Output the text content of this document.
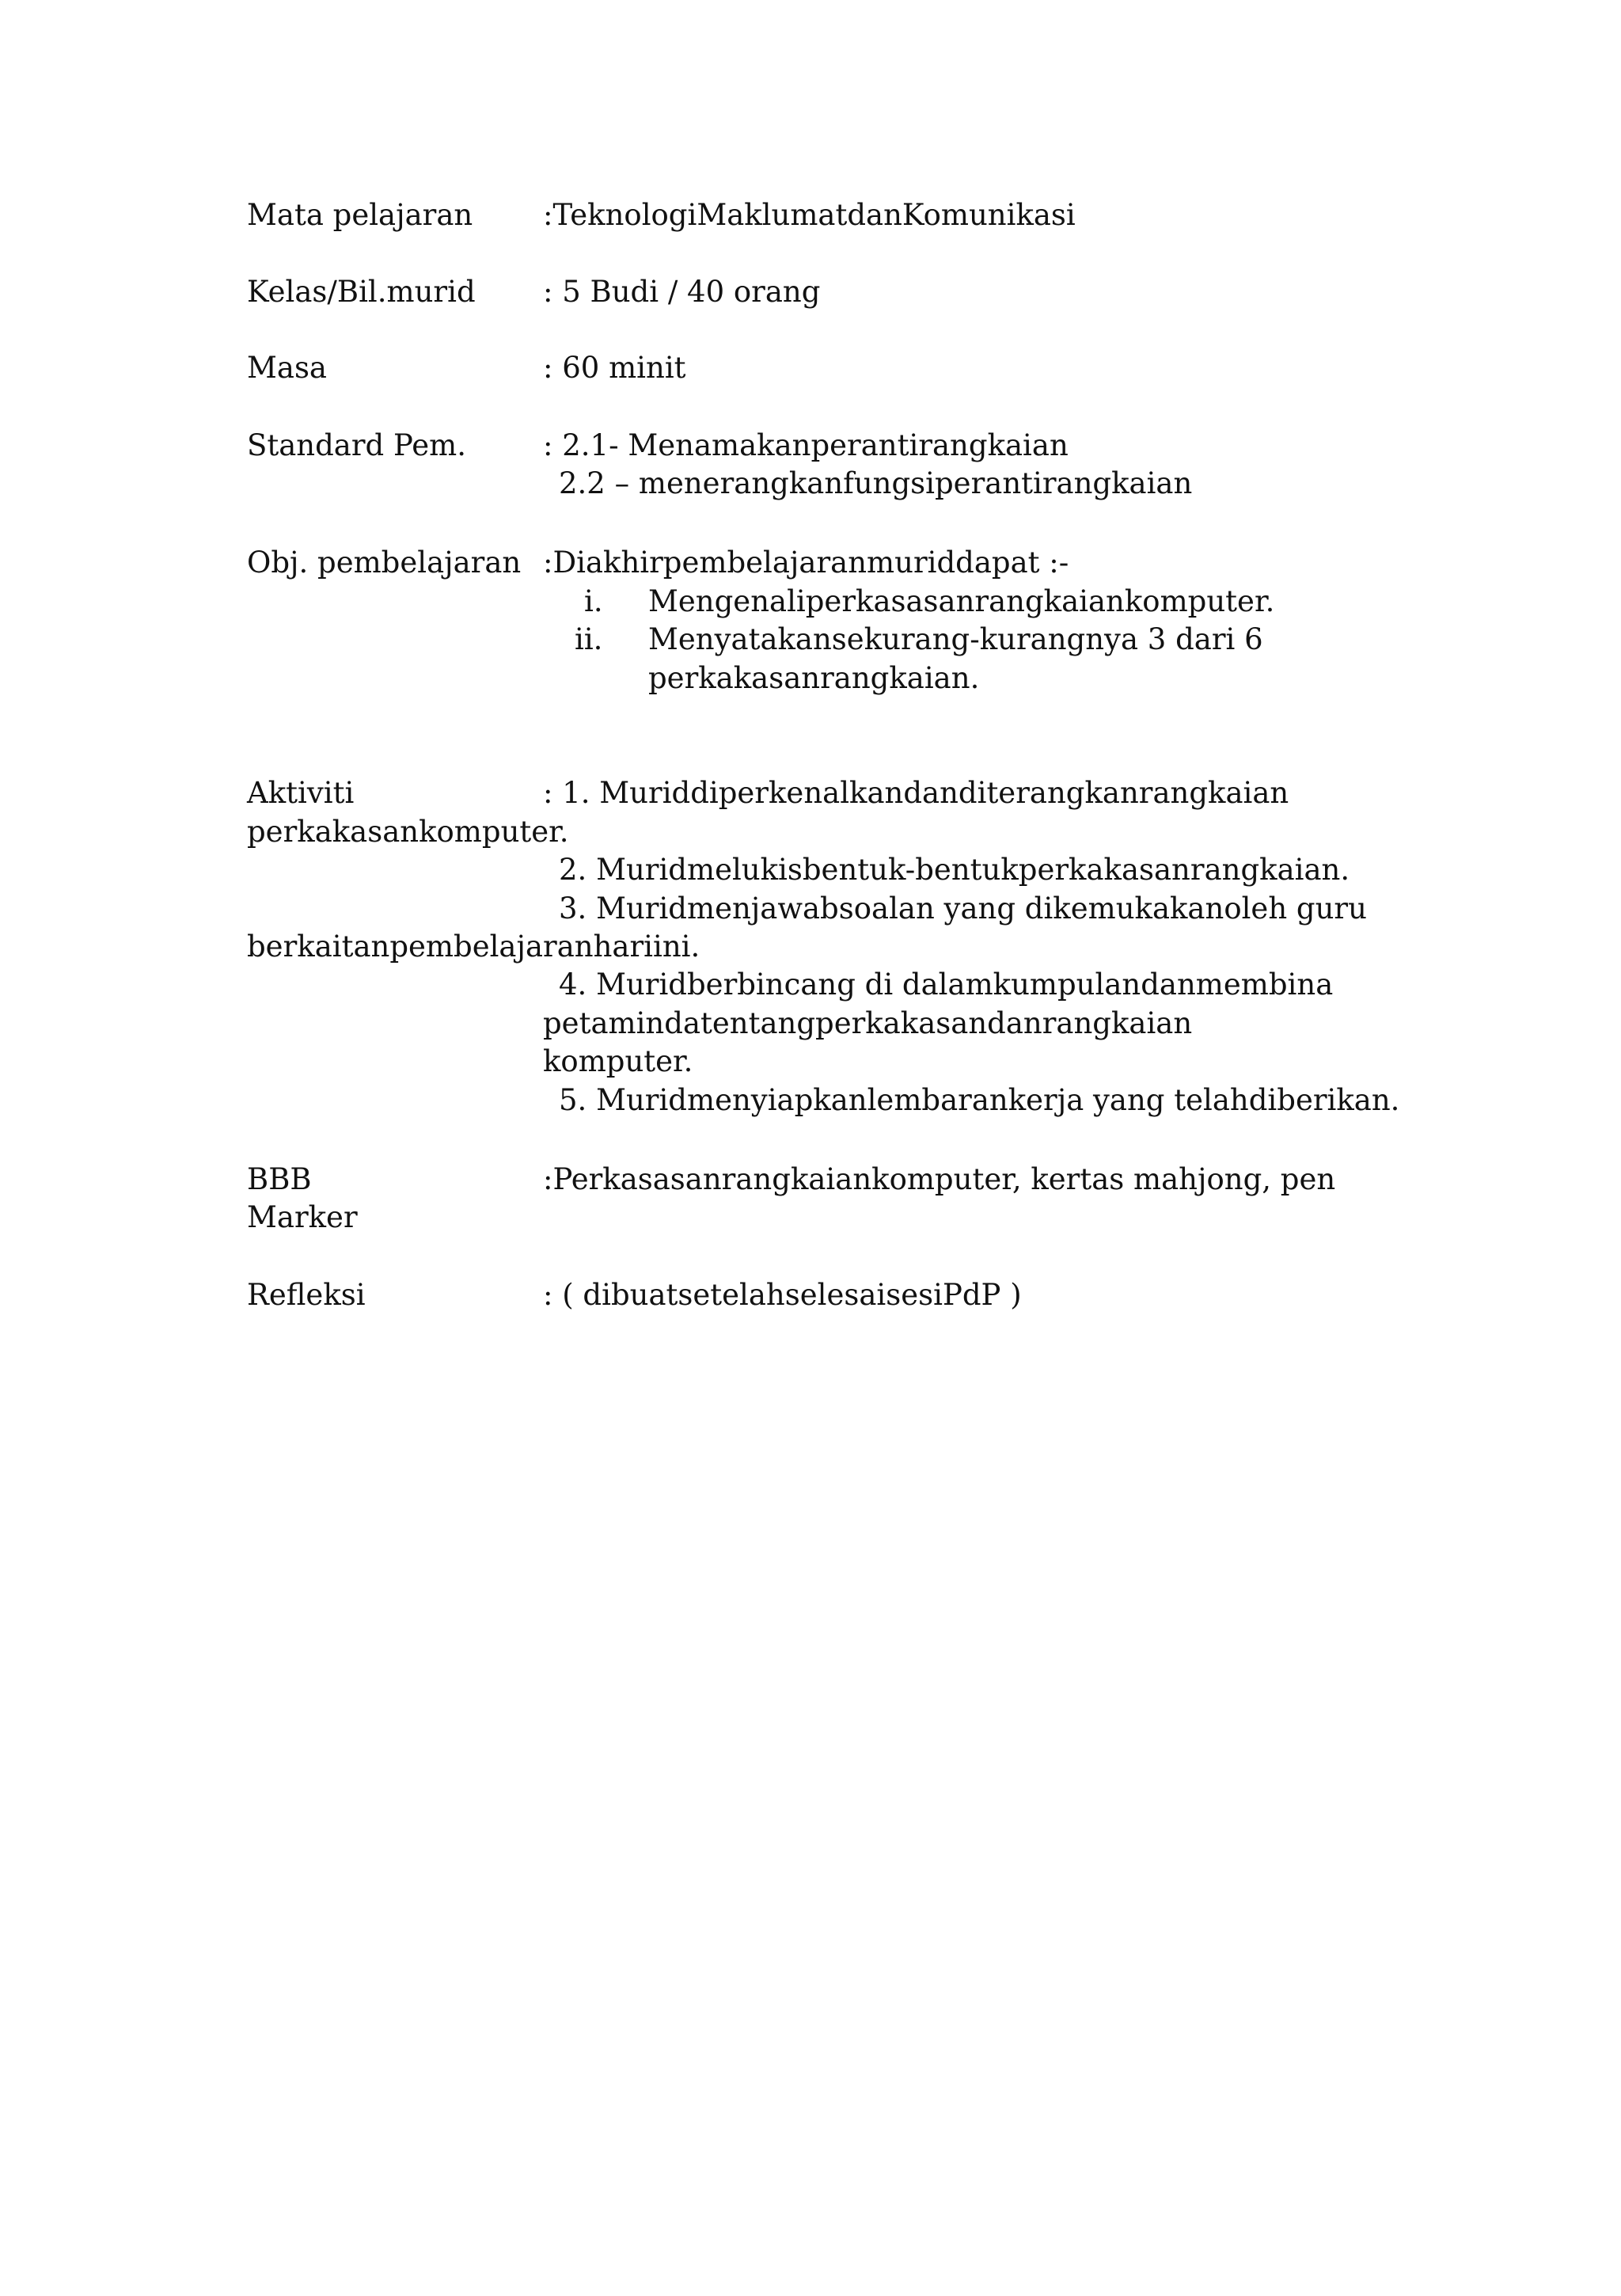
Mata pelajaran :TeknologiMaklumatdanKomunikasi
Kelas/Bil.murid : 5 Budi / 40 orang
Masa	: 60 minit
Standard Pem.	: 2.1- Menamakanperantirangkaian
2.2 – menerangkanfungsiperantirangkaian
Obj. pembelajaran :Diakhirpembelajaranmuriddapat :-
i. Mengenaliperkasasanrangkaiankomputer.
ii. Menyatakansekurang-kurangnya 3 dari 6
perkakasanrangkaian.
Aktiviti	: 1. Muriddiperkenalkandanditerangkanrangkaian
perkakasankomputer.
2. Muridmelukisbentuk-bentukperkakasanrangkaian.
3. Muridmenjawabsoalan yang dikemukakanoleh guru
berkaitanpembelajaranhariini.
4. Muridberbincang di dalamkumpulandanmembina
petamindatentangperkakasandanrangkaian
komputer.
5. Muridmenyiapkanlembarankerja yang telahdiberikan.
BBB	:Perkasasanrangkaiankomputer, kertas mahjong, pen
Marker
Refleksi	: ( dibuatsetelahselesaisesiPdP )
